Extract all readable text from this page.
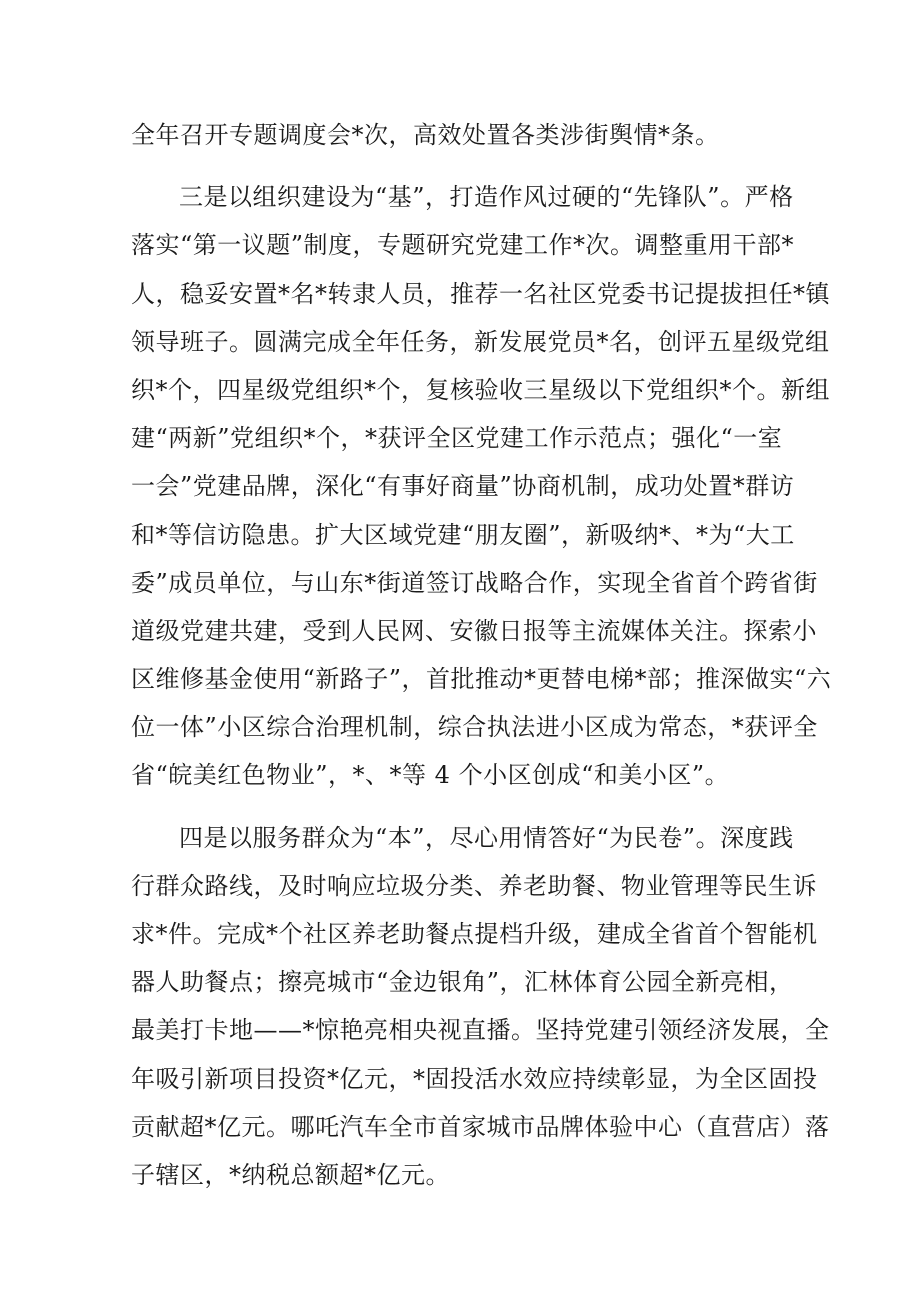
全年召开专题调度会*次，高效处置各类涉街舆情*条。
三是以组织建设为“基”，打造作风过硬的“先锋队”。严格
落实“第一议题”制度，专题研究党建工作*次。调整重用干部*
人，稳妥安置*名*转隶人员，推荐一名社区党委书记提拔担任*镇
领导班子。圆满完成全年任务，新发展党员*名，创评五星级党组
织*个，四星级党组织*个，复核验收三星级以下党组织*个。新组
建“两新”党组织*个，*获评全区党建工作示范点；强化“一室
一会”党建品牌，深化“有事好商量”协商机制，成功处置*群访
和*等信访隐患。扩大区域党建“朋友圈”，新吸纳*、*为“大工
委”成员单位，与山东*街道签订战略合作，实现全省首个跨省街
道级党建共建，受到人民网、安徽日报等主流媒体关注。探索小
区维修基金使用“新路子”，首批推动*更替电梯*部；推深做实“六
位一体”小区综合治理机制，综合执法进小区成为常态，*获评全
省“皖美红色物业”，*、*等 4 个小区创成“和美小区”。
四是以服务群众为“本”，尽心用情答好“为民卷”。深度践
行群众路线，及时响应垃圾分类、养老助餐、物业管理等民生诉
求*件。完成*个社区养老助餐点提档升级，建成全省首个智能机
器人助餐点；擦亮城市“金边银角”，汇林体育公园全新亮相，
最美打卡地——*惊艳亮相央视直播。坚持党建引领经济发展，全
年吸引新项目投资*亿元，*固投活水效应持续彰显，为全区固投
贡献超*亿元。哪吒汽车全市首家城市品牌体验中心（直营店）落
子辖区，*纳税总额超*亿元。
